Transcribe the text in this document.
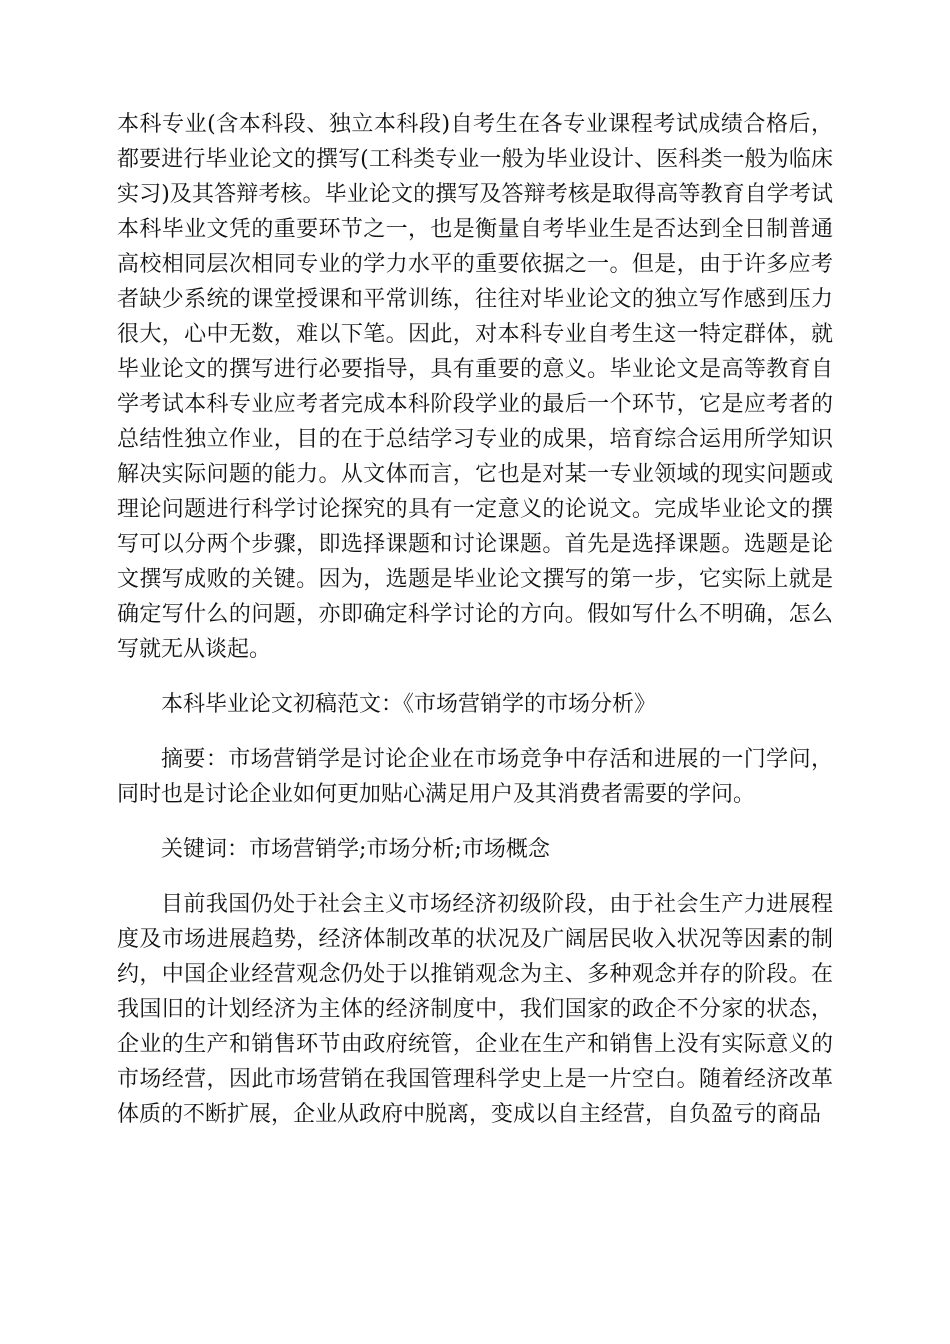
本科专业(含本科段、独立本科段)自考生在各专业课程考试成绩合格后，都要进行毕业论文的撰写(工科类专业一般为毕业设计、医科类一般为临床实习)及其答辩考核。毕业论文的撰写及答辩考核是取得高等教育自学考试本科毕业文凭的重要环节之一，也是衡量自考毕业生是否达到全日制普通高校相同层次相同专业的学力水平的重要依据之一。但是，由于许多应考者缺少系统的课堂授课和平常训练，往往对毕业论文的独立写作感到压力很大，心中无数，难以下笔。因此，对本科专业自考生这一特定群体，就毕业论文的撰写进行必要指导，具有重要的意义。毕业论文是高等教育自学考试本科专业应考者完成本科阶段学业的最后一个环节，它是应考者的总结性独立作业，目的在于总结学习专业的成果，培育综合运用所学知识解决实际问题的能力。从文体而言，它也是对某一专业领域的现实问题或理论问题进行科学讨论探究的具有一定意义的论说文。完成毕业论文的撰写可以分两个步骤，即选择课题和讨论课题。首先是选择课题。选题是论文撰写成败的关键。因为，选题是毕业论文撰写的第一步，它实际上就是确定写什么的问题，亦即确定科学讨论的方向。假如写什么不明确，怎么写就无从谈起。

本科毕业论文初稿范文：《市场营销学的市场分析》

摘要：市场营销学是讨论企业在市场竞争中存活和进展的一门学问，同时也是讨论企业如何更加贴心满足用户及其消费者需要的学问。

关键词：市场营销学;市场分析;市场概念

目前我国仍处于社会主义市场经济初级阶段，由于社会生产力进展程度及市场进展趋势，经济体制改革的状况及广阔居民收入状况等因素的制约，中国企业经营观念仍处于以推销观念为主、多种观念并存的阶段。在我国旧的计划经济为主体的经济制度中，我们国家的政企不分家的状态，企业的生产和销售环节由政府统管，企业在生产和销售上没有实际意义的市场经营，因此市场营销在我国管理科学史上是一片空白。随着经济改革体质的不断扩展，企业从政府中脱离，变成以自主经营，自负盈亏的商品
